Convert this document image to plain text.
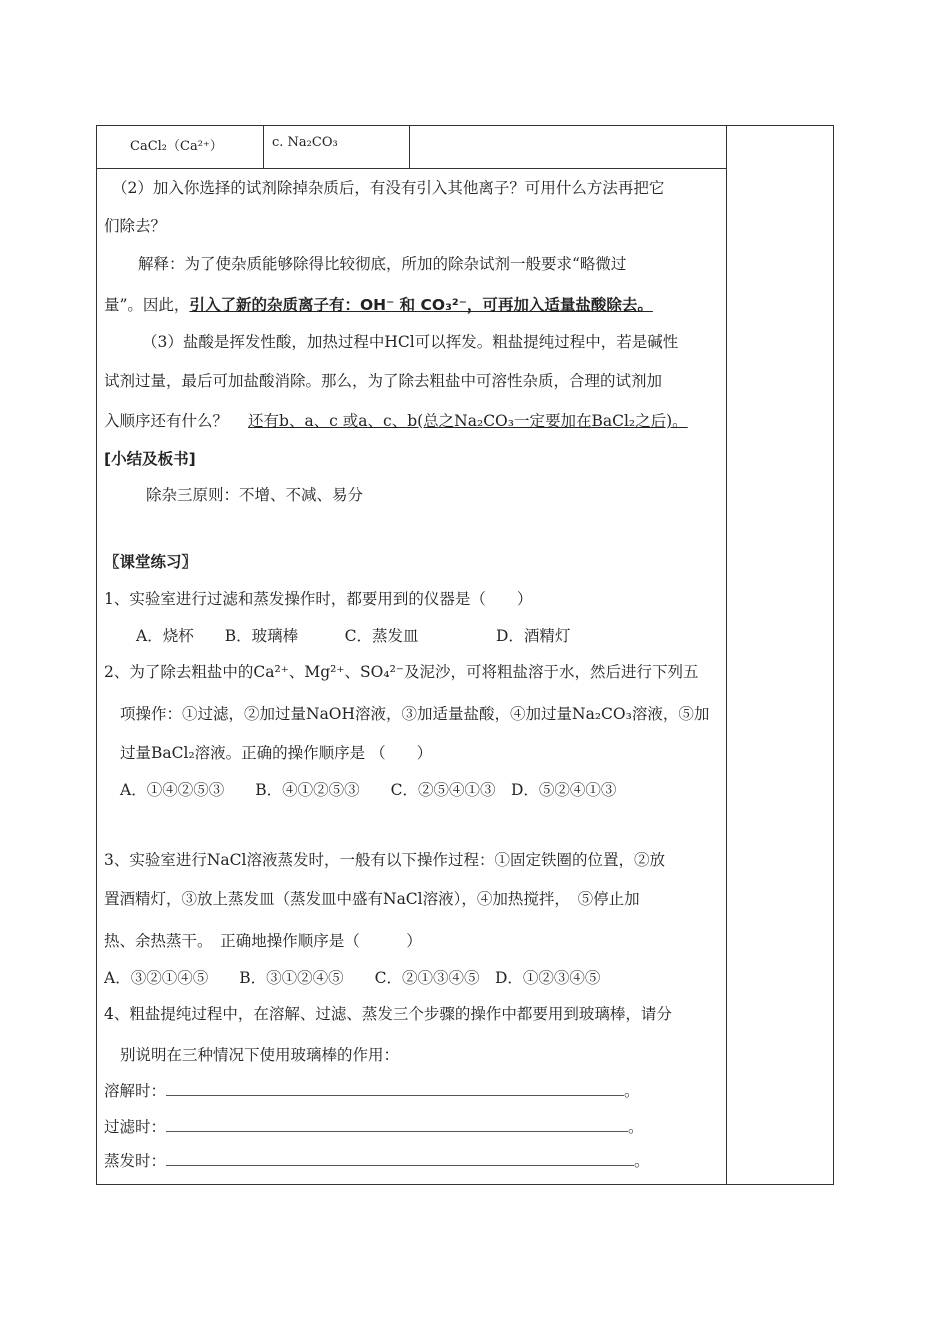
CaCl₂（Ca²⁺）	c. Na₂CO₃
（2）加入你选择的试剂除掉杂质后，有没有引入其他离子？可用什么方法再把它
们除去？
解释：为了使杂质能够除得比较彻底，所加的除杂试剂一般要求“略微过
量”。因此，引入了新的杂质离子有：OH⁻ 和 CO₃²⁻，可再加入适量盐酸除去。
（3）盐酸是挥发性酸，加热过程中HCl可以挥发。粗盐提纯过程中，若是碱性
试剂过量，最后可加盐酸消除。那么，为了除去粗盐中可溶性杂质，合理的试剂加
入顺序还有什么？ 还有b、a、c 或a、c、b(总之Na₂CO₃一定要加在BaCl₂之后)。
[小结及板书]
除杂三原则：不增、不减、易分
〖课堂练习〗
1、实验室进行过滤和蒸发操作时，都要用到的仪器是（　　）
A．烧杯　　B．玻璃棒　　　C．蒸发皿　　　　　D．酒精灯
2、为了除去粗盐中的Ca²⁺、Mg²⁺、SO₄²⁻及泥沙，可将粗盐溶于水，然后进行下列五
项操作：①过滤，②加过量NaOH溶液，③加适量盐酸，④加过量Na₂CO₃溶液，⑤加
过量BaCl₂溶液。正确的操作顺序是 （　　）
A．①④②⑤③　　B．④①②⑤③　　C．②⑤④①③　D．⑤②④①③
3、实验室进行NaCl溶液蒸发时，一般有以下操作过程：①固定铁圈的位置，②放
置酒精灯，③放上蒸发皿（蒸发皿中盛有NaCl溶液），④加热搅拌，　⑤停止加
热、余热蒸干。　正确地操作顺序是（　　　）
A．③②①④⑤　　B．③①②④⑤　　C．②①③④⑤　D．①②③④⑤
4、粗盐提纯过程中，在溶解、过滤、蒸发三个步骤的操作中都要用到玻璃棒，请分
别说明在三种情况下使用玻璃棒的作用：
溶解时：	。
过滤时：	。
蒸发时：	。
